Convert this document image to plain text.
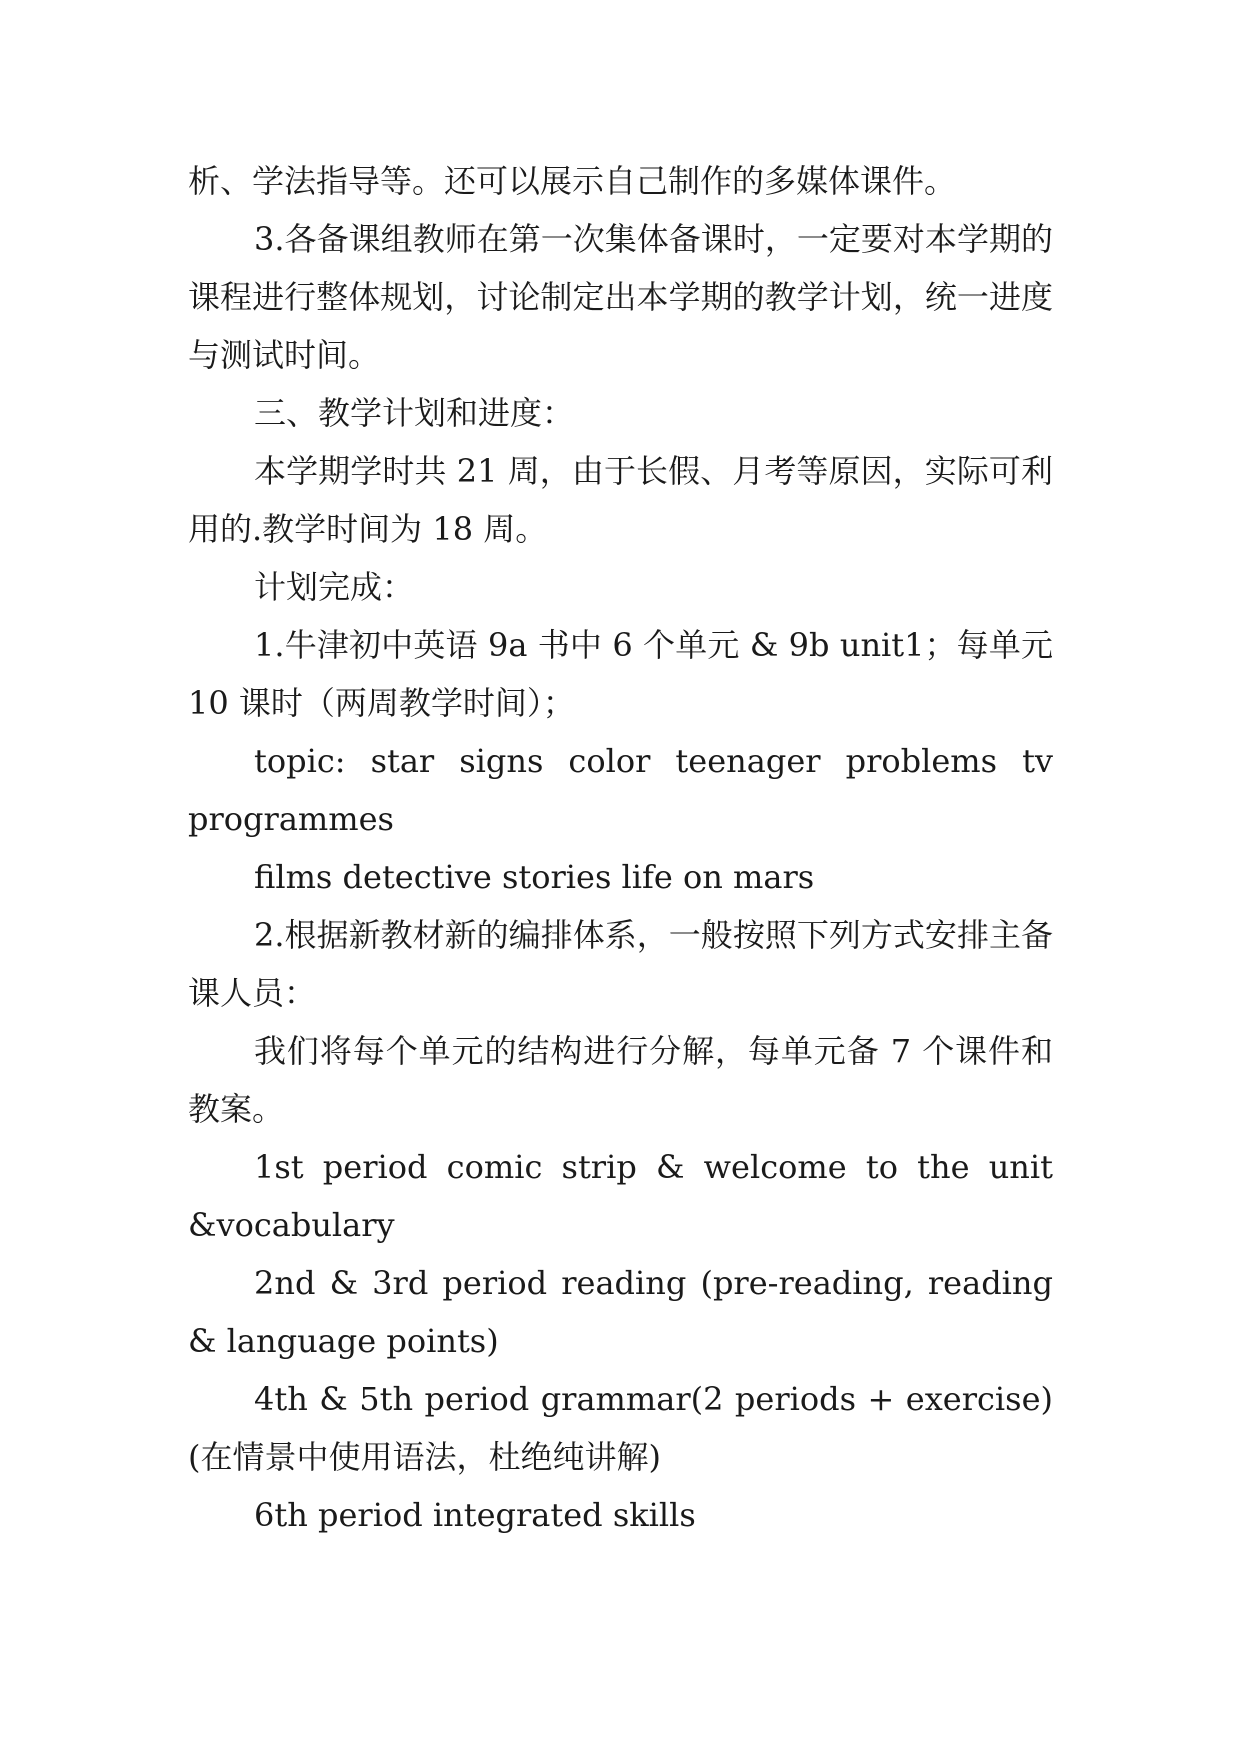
析、学法指导等。还可以展示自己制作的多媒体课件。

3.各备课组教师在第一次集体备课时，一定要对本学期的课程进行整体规划，讨论制定出本学期的教学计划，统一进度与测试时间。

三、教学计划和进度：

本学期学时共 21 周，由于长假、月考等原因，实际可利用的.教学时间为 18 周。

计划完成：

1.牛津初中英语 9a 书中 6 个单元 & 9b unit1；每单元 10 课时（两周教学时间）；

topic: star signs color teenager problems tv programmes

films detective stories life on mars

2.根据新教材新的编排体系，一般按照下列方式安排主备课人员：

我们将每个单元的结构进行分解，每单元备 7 个课件和教案。

1st period comic strip & welcome to the unit &vocabulary

2nd & 3rd period reading (pre-reading, reading & language points)

4th & 5th period grammar(2 periods + exercise)(在情景中使用语法，杜绝纯讲解)

6th period integrated skills
